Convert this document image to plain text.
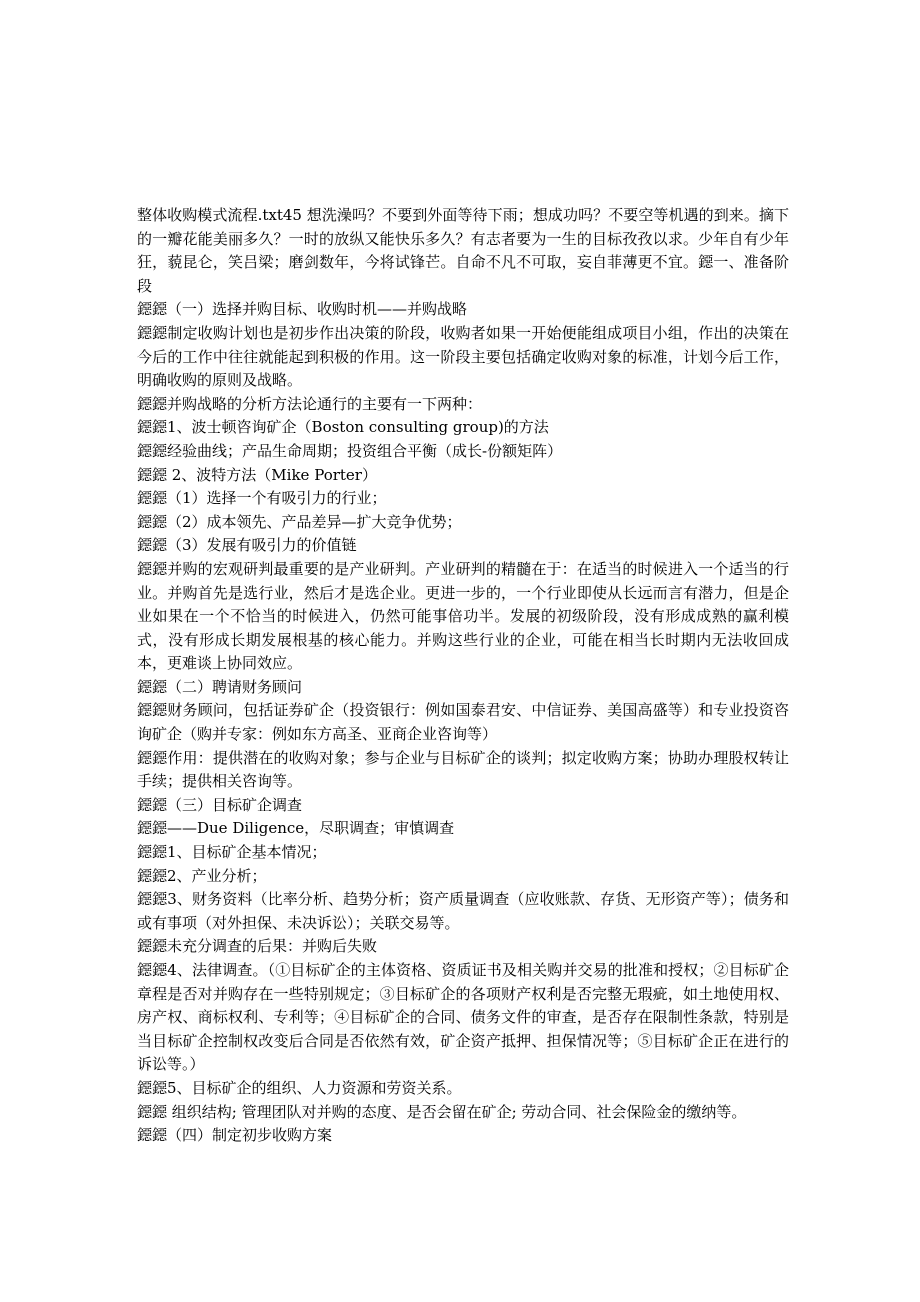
整体收购模式流程.txt45 想洗澡吗？不要到外面等待下雨；想成功吗？不要空等机遇的到来。摘下的一瓣花能美丽多久？一时的放纵又能快乐多久？有志者要为一生的目标孜孜以求。少年自有少年狂，藐昆仑，笑吕梁；磨剑数年，今将试锋芒。自命不凡不可取，妄自菲薄更不宜。鐚一、准备阶段

鐚鐚（一）选择并购目标、收购时机——并购战略

鐚鐚制定收购计划也是初步作出决策的阶段，收购者如果一开始便能组成项目小组，作出的决策在今后的工作中往往就能起到积极的作用。这一阶段主要包括确定收购对象的标准，计划今后工作，明确收购的原则及战略。

鐚鐚并购战略的分析方法论通行的主要有一下两种：

鐚鐚1、波士顿咨询矿企（Boston consulting group)的方法

鐚鐚经验曲线；产品生命周期；投资组合平衡（成长-份额矩阵）

鐚鐚 2、波特方法（Mike Porter）

鐚鐚（1）选择一个有吸引力的行业；

鐚鐚（2）成本领先、产品差异—扩大竞争优势；

鐚鐚（3）发展有吸引力的价值链

鐚鐚并购的宏观研判最重要的是产业研判。产业研判的精髓在于：在适当的时候进入一个适当的行业。并购首先是选行业，然后才是选企业。更进一步的，一个行业即使从长远而言有潜力，但是企业如果在一个不恰当的时候进入，仍然可能事倍功半。发展的初级阶段，没有形成成熟的赢利模式，没有形成长期发展根基的核心能力。并购这些行业的企业，可能在相当长时期内无法收回成本，更难谈上协同效应。

鐚鐚（二）聘请财务顾问

鐚鐚财务顾问，包括证券矿企（投资银行：例如国泰君安、中信证券、美国高盛等）和专业投资咨询矿企（购并专家：例如东方高圣、亚商企业咨询等）

鐚鐚作用：提供潜在的收购对象；参与企业与目标矿企的谈判；拟定收购方案；协助办理股权转让手续；提供相关咨询等。

鐚鐚（三）目标矿企调查

鐚鐚——Due Diligence，尽职调查；审慎调查

鐚鐚1、目标矿企基本情况；

鐚鐚2、产业分析；

鐚鐚3、财务资料（比率分析、趋势分析；资产质量调查（应收账款、存货、无形资产等）；债务和或有事项（对外担保、未决诉讼）；关联交易等。

鐚鐚未充分调查的后果：并购后失败

鐚鐚4、法律调查。（①目标矿企的主体资格、资质证书及相关购并交易的批准和授权；②目标矿企章程是否对并购存在一些特别规定；③目标矿企的各项财产权利是否完整无瑕疵，如土地使用权、房产权、商标权利、专利等；④目标矿企的合同、债务文件的审查，是否存在限制性条款，特别是当目标矿企控制权改变后合同是否依然有效，矿企资产抵押、担保情况等；⑤目标矿企正在进行的诉讼等。）

鐚鐚5、目标矿企的组织、人力资源和劳资关系。

鐚鐚 组织结构; 管理团队对并购的态度、是否会留在矿企; 劳动合同、社会保险金的缴纳等。

鐚鐚（四）制定初步收购方案
